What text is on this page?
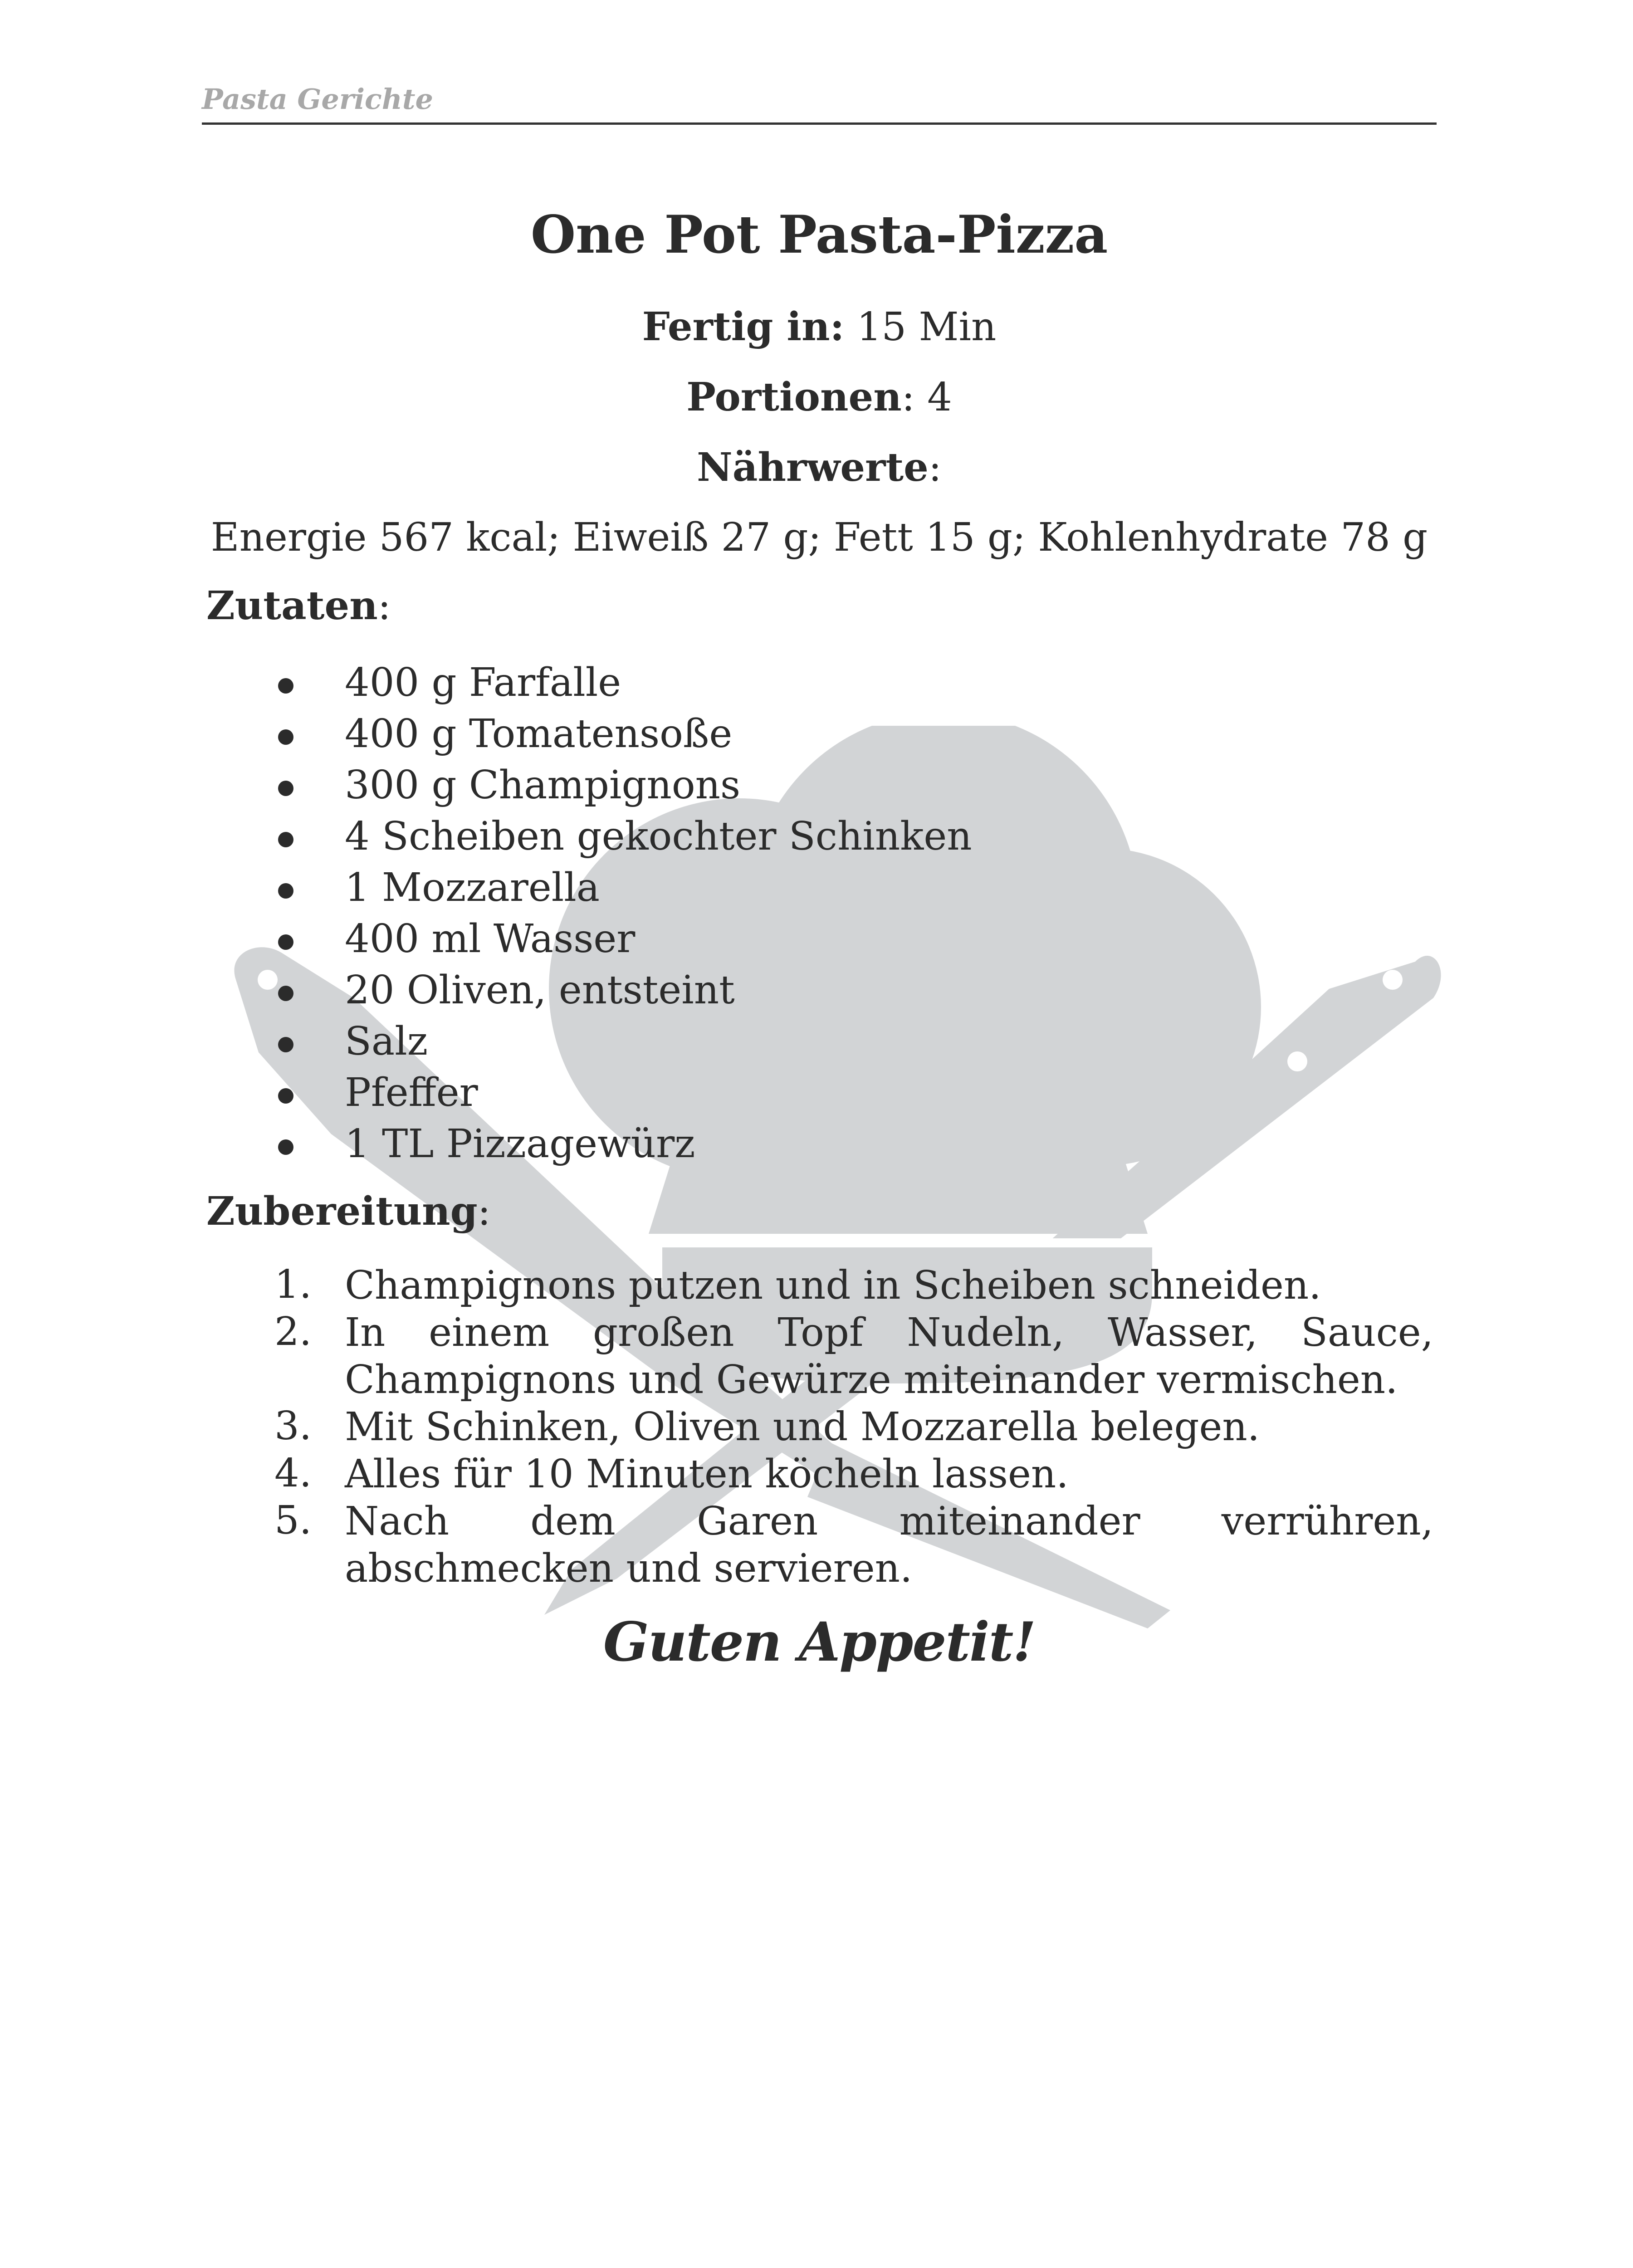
Pasta Gerichte
One Pot Pasta-Pizza
Fertig in: 15 Min
Portionen: 4
Nährwerte:
Energie 567 kcal; Eiweiß 27 g; Fett 15 g; Kohlenhydrate 78 g
Zutaten:
400 g Farfalle
400 g Tomatensoße
300 g Champignons
4 Scheiben gekochter Schinken
1 Mozzarella
400 ml Wasser
20 Oliven, entsteint
Salz
Pfeffer
1 TL Pizzagewürz
Zubereitung:
1. Champignons putzen und in Scheiben schneiden.
2. In einem großen Topf Nudeln, Wasser, Sauce, Champignons und Gewürze miteinander vermischen.
3. Mit Schinken, Oliven und Mozzarella belegen.
4. Alles für 10 Minuten köcheln lassen.
5. Nach dem Garen miteinander verrühren, abschmecken und servieren.
Guten Appetit!
